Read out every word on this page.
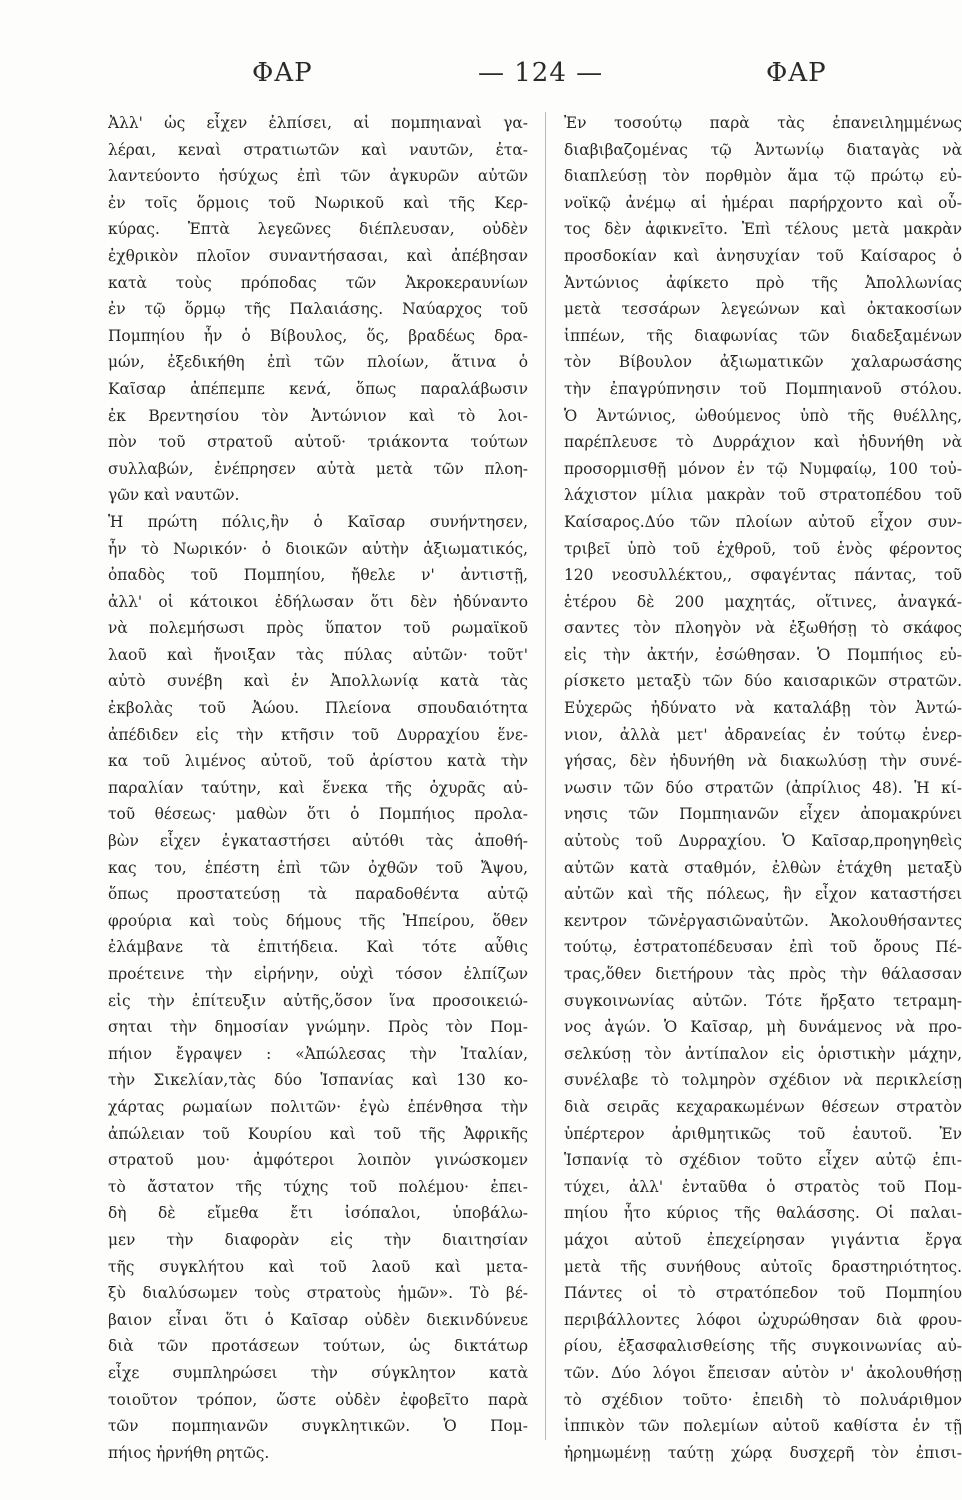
ΦΑΡ	— 124 —	ΦΑΡ
Ἀλλ' ὡς εἶχεν ἐλπίσει, αἱ πομπηιαναὶ γα-
λέραι, κεναὶ στρατιωτῶν καὶ ναυτῶν, ἐτα-
λαντεύοντο ἡσύχως ἐπὶ τῶν ἀγκυρῶν αὐτῶν
ἐν τοῖς ὅρμοις τοῦ Νωρικοῦ καὶ τῆς Κερ-
κύρας. Ἑπτὰ λεγεῶνες διέπλευσαν, οὐδὲν
ἐχθρικὸν πλοῖον συναντήσασαι, καὶ ἀπέβησαν
κατὰ τοὺς πρόποδας τῶν Ἀκροκεραυνίων
ἐν τῷ ὅρμῳ τῆς Παλαιάσης. Ναύαρχος τοῦ
Πομπηίου ἦν ὁ Βίβουλος, ὅς, βραδέως δρα-
μών, ἐξεδικήθη ἐπὶ τῶν πλοίων, ἅτινα ὁ
Καῖσαρ ἀπέπεμπε κενά, ὅπως παραλάβωσιν
ἐκ Βρεντησίου τὸν Ἀντώνιον καὶ τὸ λοι-
πὸν τοῦ στρατοῦ αὐτοῦ· τριάκοντα τούτων
συλλαβών, ἐνέπρησεν αὐτὰ μετὰ τῶν πλοη-
γῶν καὶ ναυτῶν.
Ἡ πρώτη πόλις,ἣν ὁ Καῖσαρ συνήντησεν,
ἦν τὸ Νωρικόν· ὁ διοικῶν αὐτὴν ἀξιωματικός,
ὀπαδὸς τοῦ Πομπηίου, ἤθελε ν' ἀντιστῇ,
ἀλλ' οἱ κάτοικοι ἐδήλωσαν ὅτι δὲν ἠδύναντο
νὰ πολεμήσωσι πρὸς ὕπατον τοῦ ρωμαϊκοῦ
λαοῦ καὶ ἤνοιξαν τὰς πύλας αὐτῶν· τοῦτ'
αὐτὸ συνέβη καὶ ἐν Ἀπολλωνίᾳ κατὰ τὰς
ἐκβολὰς τοῦ Ἀώου. Πλείονα σπουδαιότητα
ἀπέδιδεν εἰς τὴν κτῆσιν τοῦ Δυρραχίου ἕνε-
κα τοῦ λιμένος αὐτοῦ, τοῦ ἀρίστου κατὰ τὴν
παραλίαν ταύτην, καὶ ἕνεκα τῆς ὀχυρᾶς αὐ-
τοῦ θέσεως· μαθὼν ὅτι ὁ Πομπήιος προλα-
βὼν εἶχεν ἐγκαταστήσει αὐτόθι τὰς ἀποθή-
κας του, ἐπέστη ἐπὶ τῶν ὀχθῶν τοῦ Ἄψου,
ὅπως προστατεύσῃ τὰ παραδοθέντα αὐτῷ
φρούρια καὶ τοὺς δήμους τῆς Ἠπείρου, ὅθεν
ἐλάμβανε τὰ ἐπιτήδεια. Καὶ τότε αὖθις
προέτεινε τὴν εἰρήνην, οὐχὶ τόσον ἐλπίζων
εἰς τὴν ἐπίτευξιν αὐτῆς,ὅσον ἵνα προσοικειώ-
σηται τὴν δημοσίαν γνώμην. Πρὸς τὸν Πομ-
πήιον ἔγραψεν : «Ἀπώλεσας τὴν Ἰταλίαν,
τὴν Σικελίαν,τὰς δύο Ἱσπανίας καὶ 130 κο-
χάρτας ρωμαίων πολιτῶν· ἐγὼ ἐπένθησα τὴν
ἀπώλειαν τοῦ Κουρίου καὶ τοῦ τῆς Ἀφρικῆς
στρατοῦ μου· ἀμφότεροι λοιπὸν γινώσκομεν
τὸ ἄστατον τῆς τύχης τοῦ πολέμου· ἐπει-
δὴ δὲ εἴμεθα ἔτι ἰσόπαλοι, ὑποβάλω-
μεν τὴν διαφορὰν εἰς τὴν διαιτησίαν
τῆς συγκλήτου καὶ τοῦ λαοῦ καὶ μετα-
ξὺ διαλύσωμεν τοὺς στρατοὺς ἡμῶν». Τὸ βέ-
βαιον εἶναι ὅτι ὁ Καῖσαρ οὐδὲν διεκινδύνευε
διὰ τῶν προτάσεων τούτων, ὡς δικτάτωρ
εἶχε συμπληρώσει τὴν σύγκλητον κατὰ
τοιοῦτον τρόπον, ὥστε οὐδὲν ἐφοβεῖτο παρὰ
τῶν πομπηιανῶν συγκλητικῶν. Ὁ Πομ-
πήιος ἠρνήθη ρητῶς.
Ἐν τοσούτῳ παρὰ τὰς ἐπανειλημμένως
διαβιβαζομένας τῷ Ἀντωνίῳ διαταγὰς νὰ
διαπλεύσῃ τὸν πορθμὸν ἅμα τῷ πρώτῳ εὐ-
νοϊκῷ ἀνέμῳ αἱ ἡμέραι παρήρχοντο καὶ οὗ-
τος δὲν ἀφικνεῖτο. Ἐπὶ τέλους μετὰ μακρὰν
προσδοκίαν καὶ ἀνησυχίαν τοῦ Καίσαρος ὁ
Ἀντώνιος ἀφίκετο πρὸ τῆς Ἀπολλωνίας
μετὰ τεσσάρων λεγεώνων καὶ ὀκτακοσίων
ἱππέων, τῆς διαφωνίας τῶν διαδεξαμένων
τὸν Βίβουλον ἀξιωματικῶν χαλαρωσάσης
τὴν ἐπαγρύπνησιν τοῦ Πομπηιανοῦ στόλου.
Ὁ Ἀντώνιος, ὠθούμενος ὑπὸ τῆς θυέλλης,
παρέπλευσε τὸ Δυρράχιον καὶ ἠδυνήθη νὰ
προσορμισθῇ μόνον ἐν τῷ Νυμφαίῳ, 100 τοὐ-
λάχιστον μίλια μακρὰν τοῦ στρατοπέδου τοῦ
Καίσαρος.Δύο τῶν πλοίων αὐτοῦ εἶχον συν-
τριβεῖ ὑπὸ τοῦ ἐχθροῦ, τοῦ ἑνὸς φέροντος
120 νεοσυλλέκτου,, σφαγέντας πάντας, τοῦ
ἑτέρου δὲ 200 μαχητάς, οἵτινες, ἀναγκά-
σαντες τὸν πλοηγὸν νὰ ἐξωθήσῃ τὸ σκάφος
εἰς τὴν ἀκτήν, ἐσώθησαν. Ὁ Πομπήιος εὑ-
ρίσκετο μεταξὺ τῶν δύο καισαρικῶν στρατῶν.
Εὐχερῶς ἠδύνατο νὰ καταλάβῃ τὸν Ἀντώ-
νιον, ἀλλὰ μετ' ἀδρανείας ἐν τούτῳ ἐνερ-
γήσας, δὲν ἠδυνήθη νὰ διακωλύσῃ τὴν συνέ-
νωσιν τῶν δύο στρατῶν (ἀπρίλιος 48). Ἡ κί-
νησις τῶν Πομπηιανῶν εἶχεν ἀπομακρύνει
αὐτοὺς τοῦ Δυρραχίου. Ὁ Καῖσαρ,προηγηθεὶς
αὐτῶν κατὰ σταθμόν, ἐλθὼν ἐτάχθη μεταξὺ
αὐτῶν καὶ τῆς πόλεως, ἣν εἶχον καταστήσει
κεντρον τῶνἐργασιῶναὐτῶν. Ἀκολουθήσαντες
τούτῳ, ἐστρατοπέδευσαν ἐπὶ τοῦ ὄρους Πέ-
τρας,ὅθεν διετήρουν τὰς πρὸς τὴν θάλασσαν
συγκοινωνίας αὐτῶν. Τότε ἤρξατο τετραμη-
νος ἀγών. Ὁ Καῖσαρ, μὴ δυνάμενος νὰ προ-
σελκύσῃ τὸν ἀντίπαλον εἰς ὁριστικὴν μάχην,
συνέλαβε τὸ τολμηρὸν σχέδιον νὰ περικλείσῃ
διὰ σειρᾶς κεχαρακωμένων θέσεων στρατὸν
ὑπέρτερον ἀριθμητικῶς τοῦ ἑαυτοῦ. Ἐν
Ἱσπανίᾳ τὸ σχέδιον τοῦτο εἶχεν αὐτῷ ἐπι-
τύχει, ἀλλ' ἐνταῦθα ὁ στρατὸς τοῦ Πομ-
πηίου ἦτο κύριος τῆς θαλάσσης. Οἱ παλαι-
μάχοι αὐτοῦ ἐπεχείρησαν γιγάντια ἔργα
μετὰ τῆς συνήθους αὐτοῖς δραστηριότητος.
Πάντες οἱ τὸ στρατόπεδον τοῦ Πομπηίου
περιβάλλοντες λόφοι ὠχυρώθησαν διὰ φρου-
ρίου, ἐξασφαλισθείσης τῆς συγκοινωνίας αὐ-
τῶν. Δύο λόγοι ἔπεισαν αὐτὸν ν' ἀκολουθήσῃ
τὸ σχέδιον τοῦτο· ἐπειδὴ τὸ πολυάριθμον
ἱππικὸν τῶν πολεμίων αὐτοῦ καθίστα ἐν τῇ
ἠρημωμένῃ ταύτῃ χώρᾳ δυσχερῆ τὸν ἐπισι-
